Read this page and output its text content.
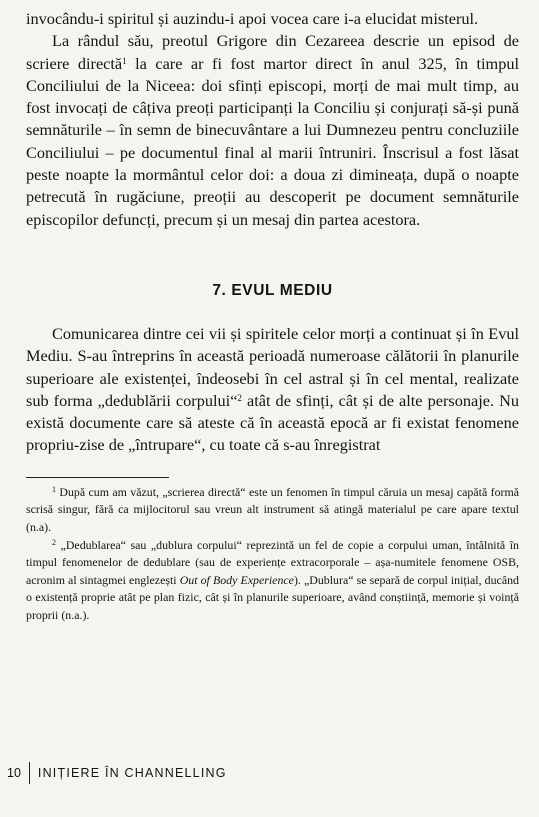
invocându-i spiritul și auzindu-i apoi vocea care i-a elucidat misterul.

La rândul său, preotul Grigore din Cezareea descrie un episod de scriere directă$^1$ la care ar fi fost martor direct în anul 325, în timpul Conciliului de la Niceea: doi sfinți episcopi, morți de mai mult timp, au fost invocați de câțiva preoți participanți la Conciliu și conjurați să-și pună semnăturile – în semn de binecuvântare a lui Dumnezeu pentru concluziile Conciliului – pe documentul final al marii întruniri. Înscrisul a fost lăsat peste noapte la mormântul celor doi: a doua zi dimineața, după o noapte petrecută în rugăciune, preoții au descoperit pe document semnăturile episcopilor defuncți, precum și un mesaj din partea acestora.

7. EVUL MEDIU

Comunicarea dintre cei vii și spiritele celor morți a continuat și în Evul Mediu. S-au întreprins în această perioadă numeroase călătorii în planurile superioare ale existenței, îndeosebi în cel astral și în cel mental, realizate sub forma „dedublării corpului“$^2$ atât de sfinți, cât și de alte personaje. Nu există documente care să ateste că în această epocă ar fi existat fenomene propriu-zise de „întrupare“, cu toate că s-au înregistrat

$^1$ După cum am văzut, „scrierea directă“ este un fenomen în timpul căruia un mesaj capătă formă scrisă singur, fără ca mijlocitorul sau vreun alt instrument să atingă materialul pe care apare textul (n.a).

$^2$ „Dedublarea“ sau „dublura corpului“ reprezintă un fel de copie a corpului uman, întâlnită în timpul fenomenelor de dedublare (sau de experiențe extracorporale – așa-numitele fenomene OSB, acronim al sintagmei englezești Out of Body Experience). „Dublura“ se separă de corpul inițial, ducând o existență proprie atât pe plan fizic, cât și în planurile superioare, având conștiință, memorie și voință proprii (n.a.).

10 INIȚIERE ÎN CHANNELLING
